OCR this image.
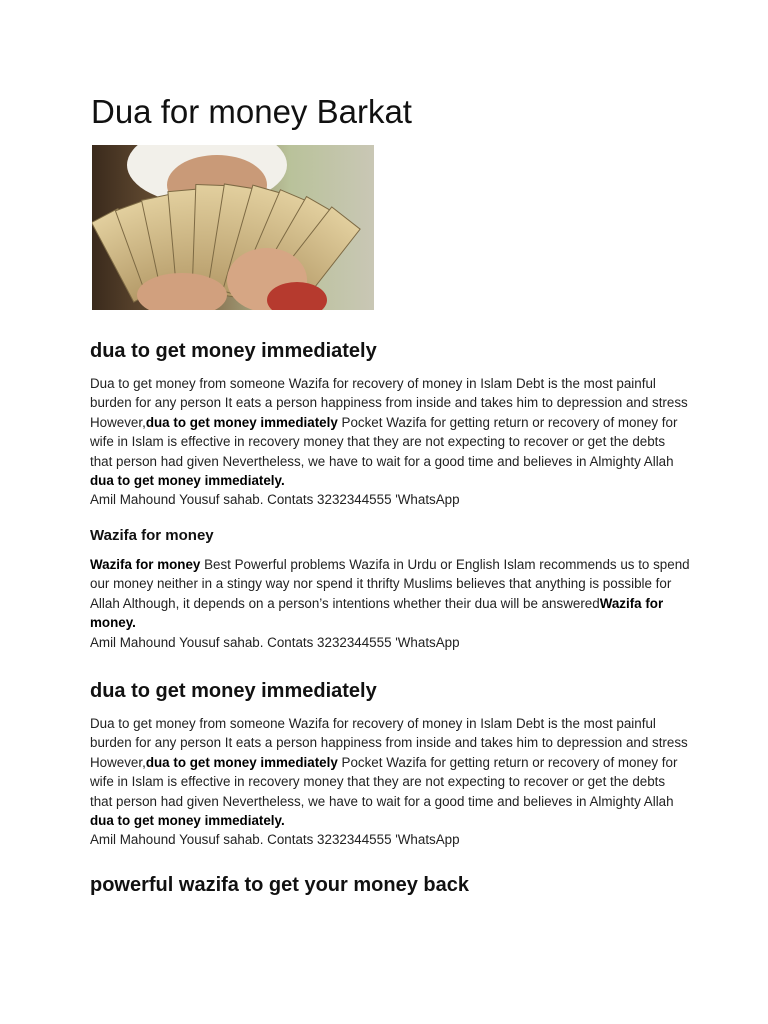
Dua for money Barkat
dua to get money immediately

Dua to get money from someone Wazifa for recovery of money in Islam Debt is the most painful burden for any person It eats a person happiness from inside and takes him to depression and stress However,dua to get money immediately Pocket Wazifa for getting return or recovery of money for wife in Islam is effective in recovery money that they are not expecting to recover or get the debts that person had given Nevertheless, we have to wait for a good time and believes in Almighty Allah dua to get money immediately.

Amil Mahound Yousuf sahab. Contats 3232344555 'WhatsApp

Wazifa for money

Wazifa for money Best Powerful problems Wazifa in Urdu or English Islam recommends us to spend our money neither in a stingy way nor spend it thrifty Muslims believes that anything is possible for Allah Although, it depends on a person’s intentions whether their dua will be answeredWazifa for money.

Amil Mahound Yousuf sahab. Contats 3232344555 'WhatsApp

dua to get money immediately

Dua to get money from someone Wazifa for recovery of money in Islam Debt is the most painful burden for any person It eats a person happiness from inside and takes him to depression and stress However,dua to get money immediately Pocket Wazifa for getting return or recovery of money for wife in Islam is effective in recovery money that they are not expecting to recover or get the debts that person had given Nevertheless, we have to wait for a good time and believes in Almighty Allah dua to get money immediately.

Amil Mahound Yousuf sahab. Contats 3232344555 'WhatsApp

powerful wazifa to get your money back
